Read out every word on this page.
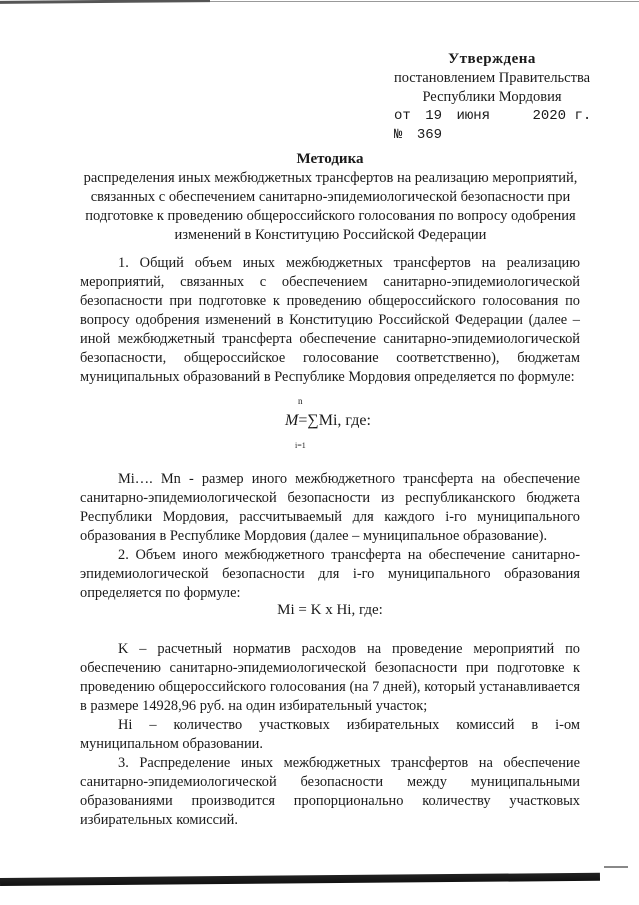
Утверждена
постановлением Правительства
Республики Мордовия
от 19 июня	2020 г. № 369
Методика
распределения иных межбюджетных трансфертов на реализацию мероприятий, связанных с обеспечением санитарно-эпидемиологической безопасности при подготовке к проведению общероссийского голосования по вопросу одобрения изменений в Конституцию Российской Федерации

1. Общий объем иных межбюджетных трансфертов на реализацию мероприятий, связанных с обеспечением санитарно-эпидемиологической безопасности при подготовке к проведению общероссийского голосования по вопросу одобрения изменений в Конституцию Российской Федерации (далее – иной межбюджетный трансферта обеспечение санитарно-эпидемиологической безопасности, общероссийское голосование соответственно), бюджетам муниципальных образований в Республике Мордовия определяется по формуле:

n
M=∑Mi, где:
i=1

Mi…. Mn - размер иного межбюджетного трансферта на обеспечение санитарно-эпидемиологической безопасности из республиканского бюджета Республики Мордовия, рассчитываемый для каждого i-го муниципального образования в Республике Мордовия (далее – муниципальное образование).

2. Объем иного межбюджетного трансферта на обеспечение санитарно-эпидемиологической безопасности для i-го муниципального образования определяется по формуле:

Mi = K x Hi, где:

K – расчетный норматив расходов на проведение мероприятий по обеспечению санитарно-эпидемиологической безопасности при подготовке к проведению общероссийского голосования (на 7 дней), который устанавливается в размере 14928,96 руб. на один избирательный участок;

Hi – количество участковых избирательных комиссий в i-ом муниципальном образовании.

3. Распределение иных межбюджетных трансфертов на обеспечение санитарно-эпидемиологической безопасности между муниципальными образованиями производится пропорционально количеству участковых избирательных комиссий.
